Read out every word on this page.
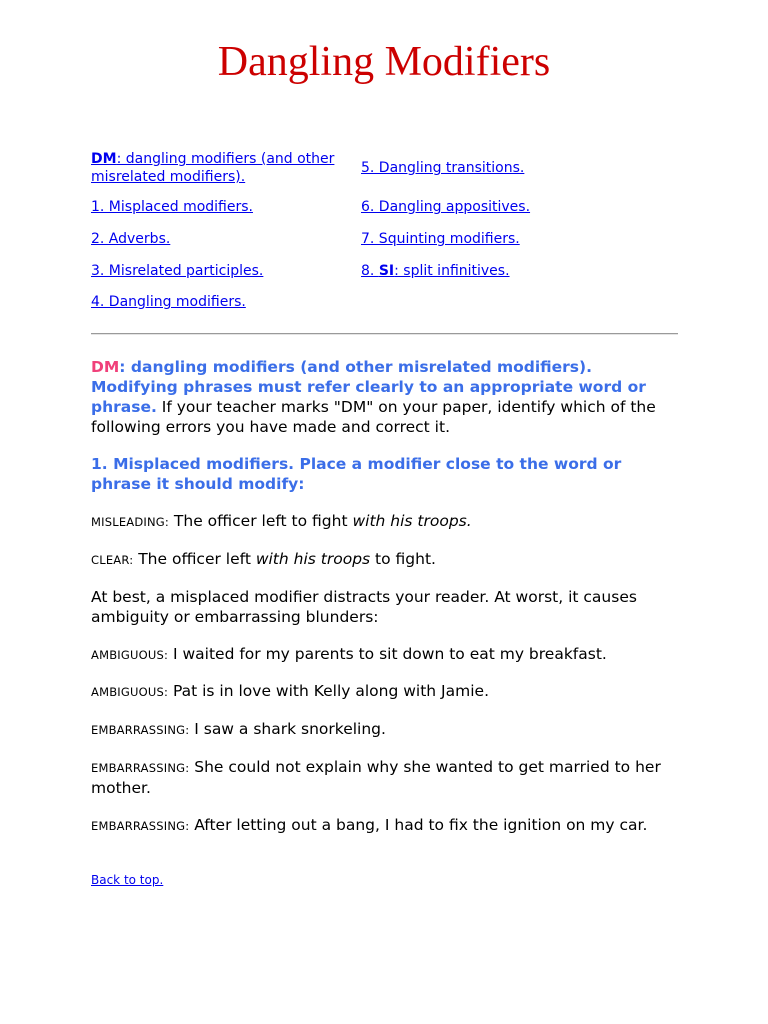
Dangling Modifiers
DM: dangling modifiers (and other
misrelated modifiers).
1. Misplaced modifiers.
2. Adverbs.
3. Misrelated participles.
4. Dangling modifiers.
5. Dangling transitions.
6. Dangling appositives.
7. Squinting modifiers.
8. SI: split infinitives.

DM: dangling modifiers (and other misrelated modifiers). Modifying phrases must refer clearly to an appropriate word or phrase. If your teacher marks "DM" on your paper, identify which of the following errors you have made and correct it.

1. Misplaced modifiers. Place a modifier close to the word or phrase it should modify:

MISLEADING: The officer left to fight with his troops.

CLEAR: The officer left with his troops to fight.

At best, a misplaced modifier distracts your reader. At worst, it causes ambiguity or embarrassing blunders:

AMBIGUOUS: I waited for my parents to sit down to eat my breakfast.

AMBIGUOUS: Pat is in love with Kelly along with Jamie.

EMBARRASSING: I saw a shark snorkeling.

EMBARRASSING: She could not explain why she wanted to get married to her mother.

EMBARRASSING: After letting out a bang, I had to fix the ignition on my car.

Back to top.
